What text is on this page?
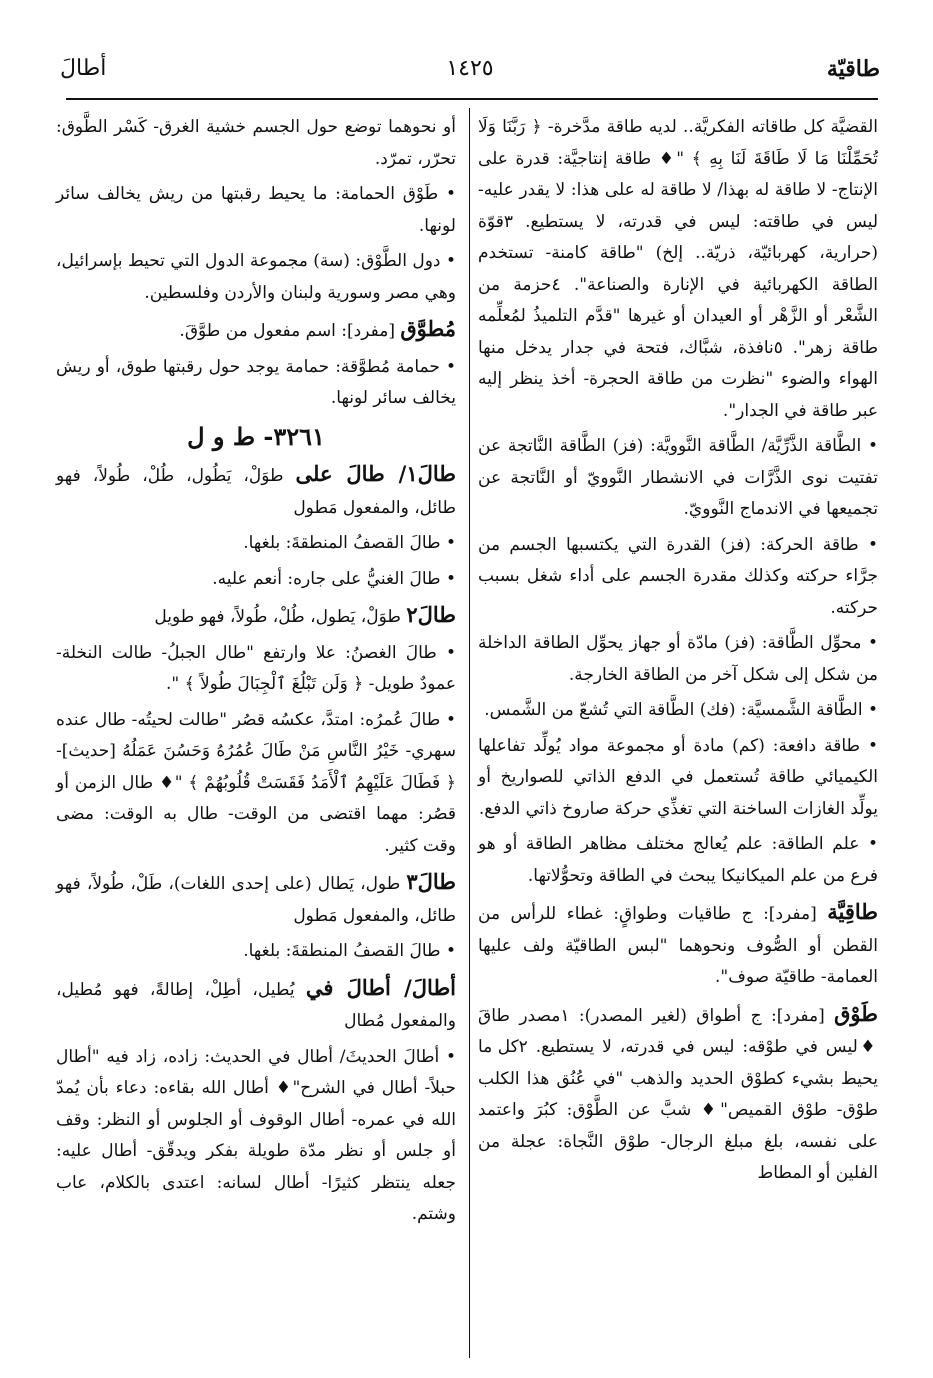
طاقيّة
١٤٢٥
أطالَ

القضيَّة كل طاقاته الفكريَّة.. لديه طاقة مدَّخرة- ﴿ رَبَّنَا وَلَا تُحَمِّلْنَا مَا لَا طَاقَةَ لَنَا بِهِ ﴾ "♦ طاقة إنتاجيَّة: قدرة على الإنتاج- لا طاقة له بهذا/ لا طاقة له على هذا: لا يقدر عليه- ليس في طاقته: ليس في قدرته، لا يستطيع. ٣قوّة (حرارية، كهربائيّة، ذريّة.. إلخ) "طاقة كامنة- تستخدم الطاقة الكهربائية في الإنارة والصناعة". ٤حزمة من الشَّعْر أو الزَّهْر أو العيدان أو غيرها "قدَّم التلميذُ لمُعلِّمه طاقة زهر". ٥نافذة، شبَّاك، فتحة في جدار يدخل منها الهواء والضوء "نظرت من طاقة الحجرة- أخذ ينظر إليه عبر طاقة في الجدار".

• الطَّاقة الذَّرِّيَّة/ الطَّاقة النَّوويَّة: (فز) الطَّاقة النَّاتجة عن تفتيت نوى الذَّرَّات في الانشطار النَّوويّ أو النَّاتجة عن تجميعها في الاندماج النَّوويّ.

• طاقة الحركة: (فز) القدرة التي يكتسبها الجسم من جرَّاء حركته وكذلك مقدرة الجسم على أداء شغل بسبب حركته.

• محوِّل الطَّاقة: (فز) مادّة أو جهاز يحوِّل الطاقة الداخلة من شكل إلى شكل آخر من الطاقة الخارجة.

• الطَّاقة الشَّمسيَّة: (فك) الطَّاقة التي تُشعّ من الشَّمس.

• طاقة دافعة: (كم) مادة أو مجموعة مواد يُولِّد تفاعلها الكيميائي طاقة تُستعمل في الدفع الذاتي للصواريخ أو يولِّد الغازات الساخنة التي تغذِّي حركة صاروخ ذاتي الدفع.

• علم الطاقة: علم يُعالج مختلف مظاهر الطاقة أو هو فرع من علم الميكانيكا يبحث في الطاقة وتحوُّلاتها.

طاقِيَّة [مفرد]: ج طاقيات وطواقٍ: غطاء للرأس من القطن أو الصُّوف ونحوهما "لبس الطاقيّة ولف عليها العمامة- طاقيّة صوف".

طَوْق [مفرد]: ج أطواق (لغير المصدر): ١مصدر طاقَ ♦ليس في طوْقه: ليس في قدرته، لا يستطيع. ٢كل ما يحيط بشيء كطوْق الحديد والذهب "في عُنُق هذا الكلب طوْق- طوْق القميص"♦ شبَّ عن الطَّوْق: كبُرَ واعتمد على نفسه، بلغ مبلغ الرجال- طوْق النَّجاة: عجلة من الفلين أو المطاط

أو نحوهما توضع حول الجسم خشية الغرق- كَسْر الطَّوق: تحرّر، تمرّد.

• طَوْق الحمامة: ما يحيط رقبتها من ريش يخالف سائر لونها.

• دول الطَّوْق: (سة) مجموعة الدول التي تحيط بإسرائيل، وهي مصر وسورية ولبنان والأردن وفلسطين.

مُطوَّق [مفرد]: اسم مفعول من طوَّقَ.

• حمامة مُطوَّقة: حمامة يوجد حول رقبتها طوق، أو ريش يخالف سائر لونها.

٣٢٦١- ط و ل

طالَ١/ طالَ على طوَلْ، يَطُول، طُلْ، طُولاً، فهو طائل، والمفعول مَطول

• طالَ القصفُ المنطقةَ: بلغها.

• طالَ الغنيُّ على جاره: أنعم عليه.

طالَ٢ طوَلْ، يَطول، طُلْ، طُولاً، فهو طويل

• طالَ الغصنُ: علا وارتفع "طال الجبلُ- طالت النخلة- عمودٌ طويل- ﴿ وَلَن تَبْلُغَ ٱلْجِبَالَ طُولاً ﴾ ".

• طالَ عُمرُه: امتدَّ، عكسُه قصُر "طالت لحيتُه- طال عنده سهري- خَيْرُ النَّاسِ مَنْ طَالَ عُمُرُهُ وَحَسُنَ عَمَلُهُ [حديث]- ﴿ فَطَالَ عَلَيْهِمُ ٱلْأَمَدُ فَقَسَتْ قُلُوبُهُمْ ﴾ "♦ طال الزمن أو قصُر: مهما اقتضى من الوقت- طال به الوقت: مضى وقت كثير.

طالَ٣ طول، يَطال (على إحدى اللغات)، طَلْ، طُولاً، فهو طائل، والمفعول مَطول

• طالَ القصفُ المنطقةَ: بلغها.

أطالَ/ أطالَ في يُطيل، أطِلْ، إطالةً، فهو مُطيل، والمفعول مُطال

• أطالَ الحديثَ/ أطال في الحديث: زاده، زاد فيه "أطال حبلاً- أطال في الشرح"♦ أطال الله بقاءه: دعاء بأن يُمدّ الله في عمره- أطال الوقوف أو الجلوس أو النظر: وقف أو جلس أو نظر مدّة طويلة بفكر ويدقّق- أطال عليه: جعله ينتظر كثيرًا- أطال لسانه: اعتدى بالكلام، عاب وشتم.
